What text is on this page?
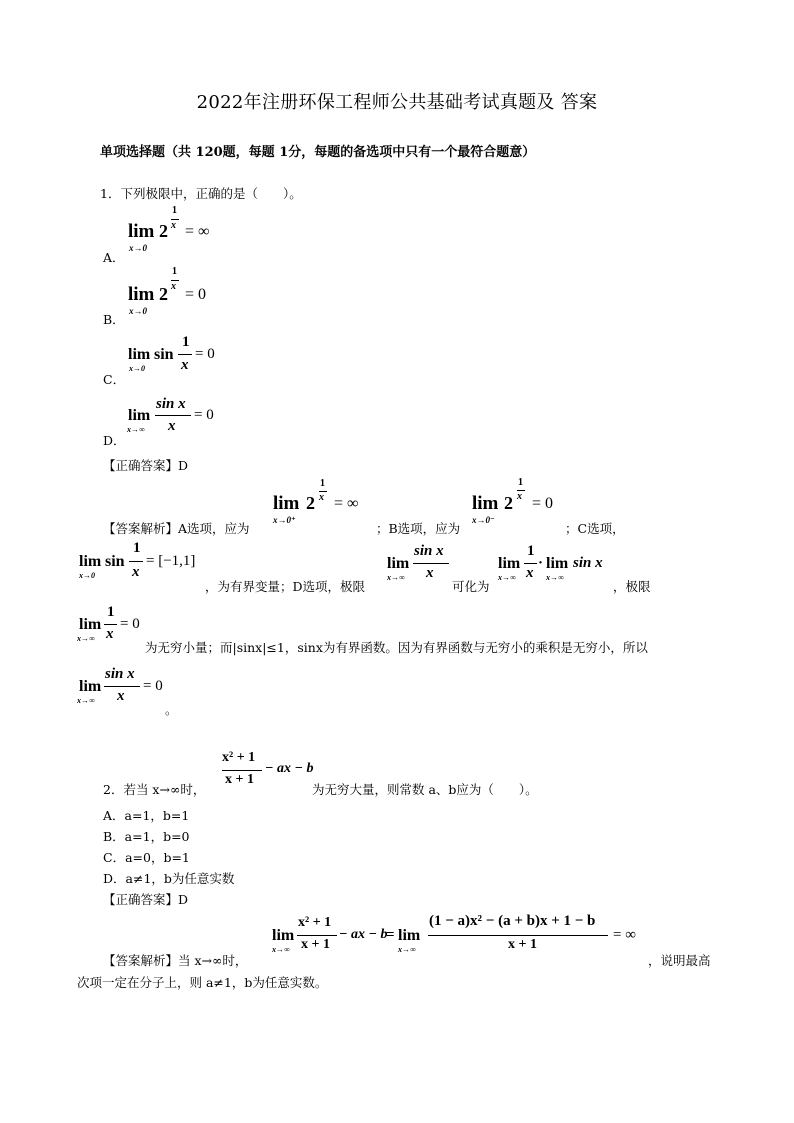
2022年注册环保工程师公共基础考试真题及 答案
单项选择题（共 120题，每题 1分，每题的备选项中只有一个最符合题意）
1．下列极限中，正确的是（　　）。
A．
lim
x→0
2
1
x = ∞
B．
lim
x→0
2
1
x = 0
C．
lim
x→0
sin
1
x
= 0
D．
lim
x→∞
sin x
x
= 0
【正确答案】D
【答案解析】A选项，应为
lim
x→0⁺
2
1
x = ∞
；B选项，应为
lim
x→0⁻
2
1
x = 0
；C选项，
lim
x→0
sin
1
x
= [−1,1]
，为有界变量；D选项，极限
lim
x→∞
sin x
x
可化为
lim
x→∞
1
x
· lim
x→∞
sin x
，极限
lim
x→∞
1
x
= 0
为无穷小量；而|sinx|≤1，sinx为有界函数。因为有界函数与无穷小的乘积是无穷小，所以
lim
x→∞
sin x
x
= 0
。
2．若当 x→∞时，
x² + 1
x + 1
− ax − b
为无穷大量，则常数 a、b应为（　　）。
A．a=1，b=1
B．a=1，b=0
C．a=0，b=1
D．a≠1，b为任意实数
【正确答案】D
【答案解析】当 x→∞时，
lim
x→∞
x² + 1
x + 1
− ax − b
= lim
x→∞
(1 − a)x² − (a + b)x + 1 − b
x + 1
= ∞
，说明最高
次项一定在分子上，则 a≠1，b为任意实数。
